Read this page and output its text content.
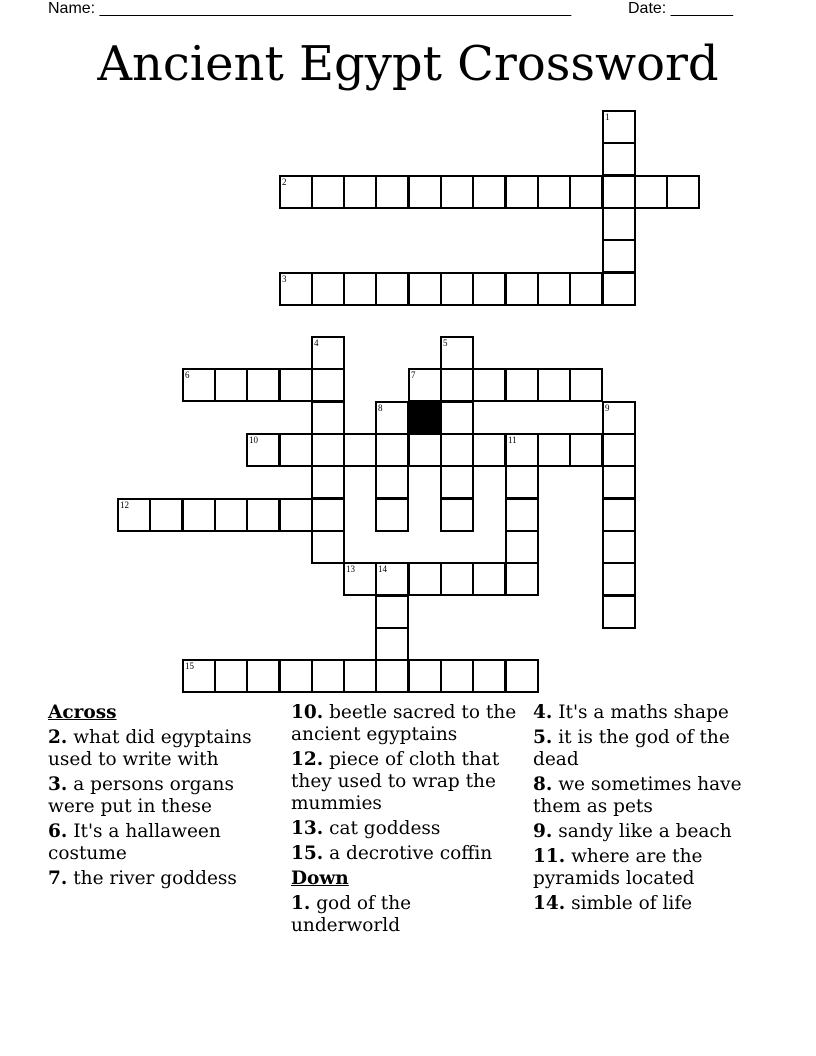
Name: _____________________________________________________	Date: _______
Ancient Egypt Crossword
1
2
3
4	5
6	7
8	9
10	11
12
13	14
15
Across
2. what did egyptains used to write with
3. a persons organs were put in these
6. It's a hallaween costume
7. the river goddess
10. beetle sacred to the ancient egyptains
12. piece of cloth that they used to wrap the mummies
13. cat goddess
15. a decrotive coffin
Down
1. god of the underworld
4. It's a maths shape
5. it is the god of the dead
8. we sometimes have them as pets
9. sandy like a beach
11. where are the pyramids located
14. simble of life
